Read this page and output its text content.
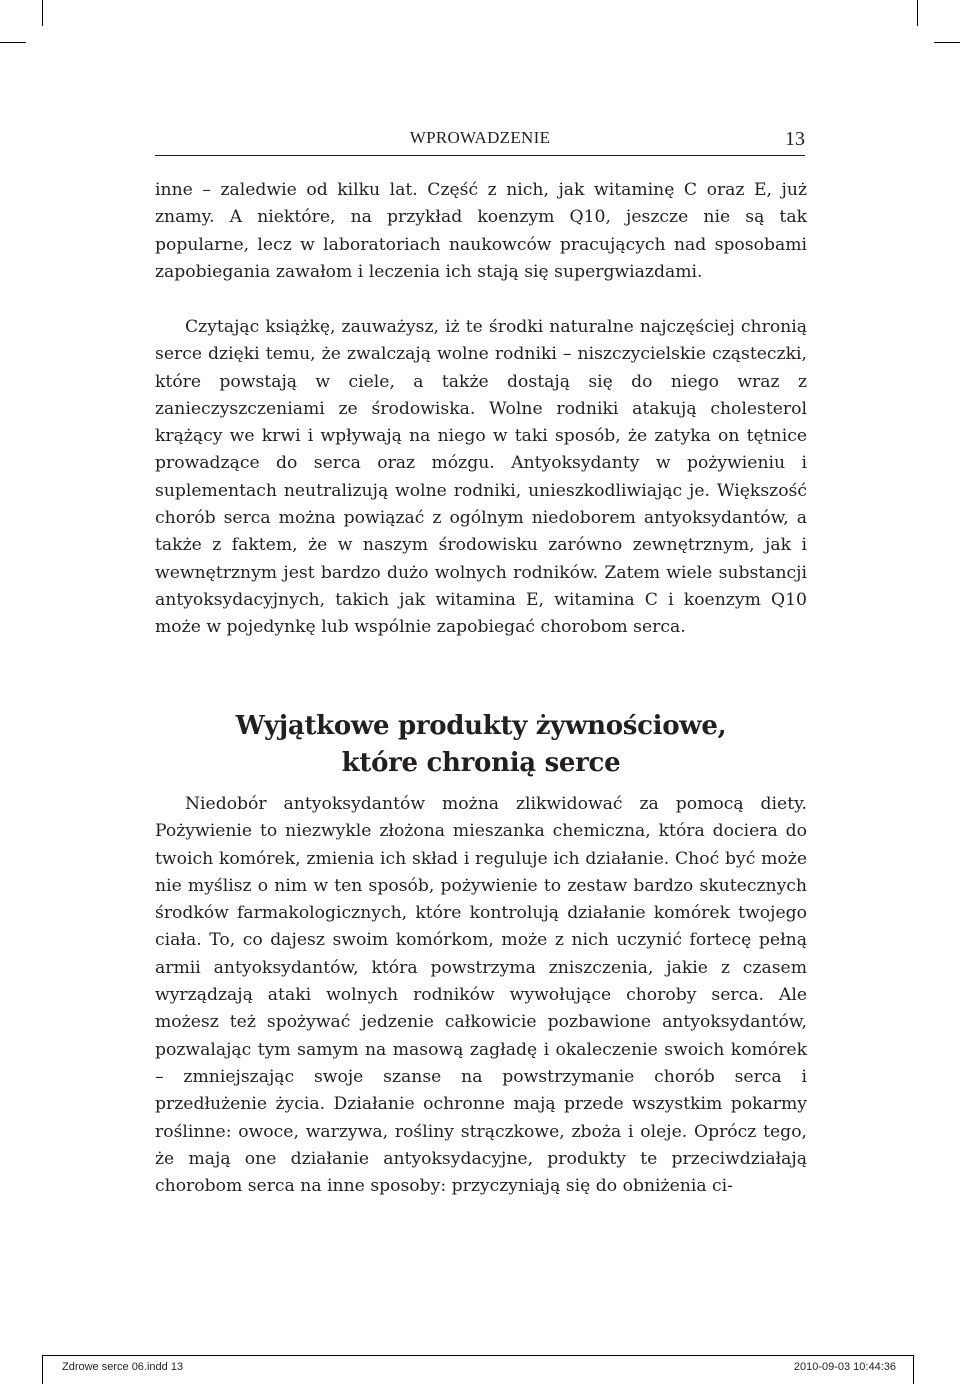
WPROWADZENIE	13

inne – zaledwie od kilku lat. Część z nich, jak witaminę C oraz E, już znamy. A niektóre, na przykład koenzym Q10, jeszcze nie są tak popularne, lecz w laboratoriach naukowców pracujących nad sposobami zapobiegania zawałom i leczenia ich stają się supergwiazdami.

Czytając książkę, zauważysz, iż te środki naturalne najczęściej chronią serce dzięki temu, że zwalczają wolne rodniki – niszczycielskie cząsteczki, które powstają w ciele, a także dostają się do niego wraz z zanieczyszczeniami ze środowiska. Wolne rodniki atakują cholesterol krążący we krwi i wpływają na niego w taki sposób, że zatyka on tętnice prowadzące do serca oraz mózgu. Antyoksydanty w pożywieniu i suplementach neutralizują wolne rodniki, unieszkodliwiając je. Większość chorób serca można powiązać z ogólnym niedoborem antyoksydantów, a także z faktem, że w naszym środowisku zarówno zewnętrznym, jak i wewnętrznym jest bardzo dużo wolnych rodników. Zatem wiele substancji antyoksydacyjnych, takich jak witamina E, witamina C i koenzym Q10 może w pojedynkę lub wspólnie zapobiegać chorobom serca.

Wyjątkowe produkty żywnościowe,
które chronią serce

Niedobór antyoksydantów można zlikwidować za pomocą diety. Pożywienie to niezwykle złożona mieszanka chemiczna, która dociera do twoich komórek, zmienia ich skład i reguluje ich działanie. Choć być może nie myślisz o nim w ten sposób, pożywienie to zestaw bardzo skutecznych środków farmakologicznych, które kontrolują działanie komórek twojego ciała. To, co dajesz swoim komórkom, może z nich uczynić fortecę pełną armii antyoksydantów, która powstrzyma zniszczenia, jakie z czasem wyrządzają ataki wolnych rodników wywołujące choroby serca. Ale możesz też spożywać jedzenie całkowicie pozbawione antyoksydantów, pozwalając tym samym na masową zagładę i okaleczenie swoich komórek – zmniejszając swoje szanse na powstrzymanie chorób serca i przedłużenie życia. Działanie ochronne mają przede wszystkim pokarmy roślinne: owoce, warzywa, rośliny strączkowe, zboża i oleje. Oprócz tego, że mają one działanie antyoksydacyjne, produkty te przeciwdziałają chorobom serca na inne sposoby: przyczyniają się do obniżenia ci-

Zdrowe serce 06.indd 13	2010-09-03 10:44:36
